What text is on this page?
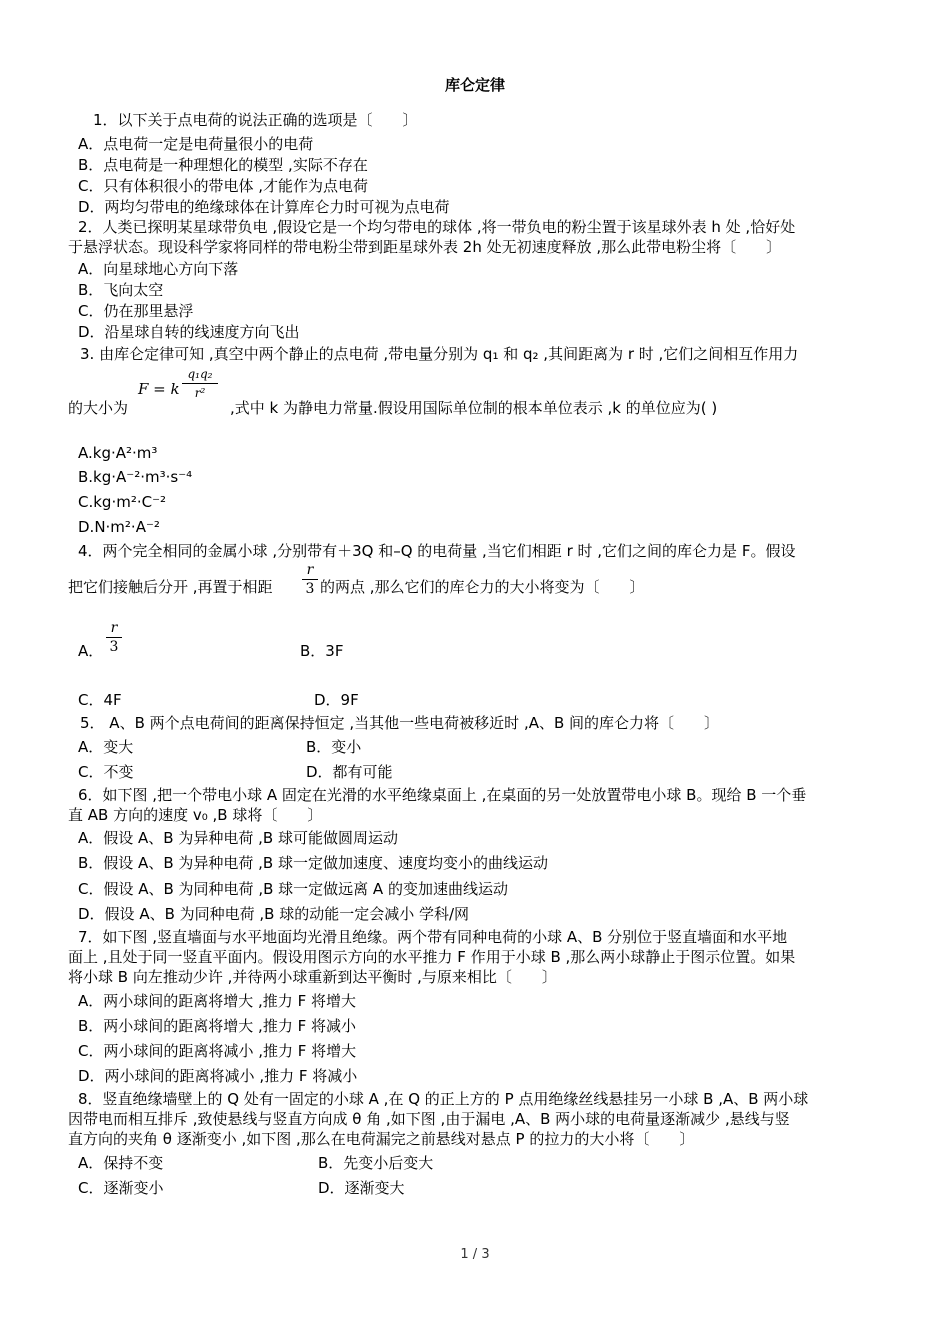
库仑定律
1．以下关于点电荷的说法正确的选项是〔　　〕
A．点电荷一定是电荷量很小的电荷
B．点电荷是一种理想化的模型 ,实际不存在
C．只有体积很小的带电体 ,才能作为点电荷
D．两均匀带电的绝缘球体在计算库仑力时可视为点电荷
2．人类已探明某星球带负电 ,假设它是一个均匀带电的球体 ,将一带负电的粉尘置于该星球外表 h 处 ,恰好处
于悬浮状态。现设科学家将同样的带电粉尘带到距星球外表 2h 处无初速度释放 ,那么此带电粉尘将〔　　〕
A．向星球地心方向下落
B．飞向太空
C．仍在那里悬浮
D．沿星球自转的线速度方向飞出
3. 由库仑定律可知 ,真空中两个静止的点电荷 ,带电量分别为 q₁ 和 q₂ ,其间距离为 r 时 ,它们之间相互作用力
的大小为
F = k
q₁q₂
r²
,式中 k 为静电力常量.假设用国际单位制的根本单位表示 ,k 的单位应为( )
A.kg·A²·m³
B.kg·A⁻²·m³·s⁻⁴
C.kg·m²·C⁻²
D.N·m²·A⁻²
4．两个完全相同的金属小球 ,分别带有＋3Q 和–Q 的电荷量 ,当它们相距 r 时 ,它们之间的库仑力是 F。假设
把它们接触后分开 ,再置于相距
r
3 的两点 ,那么它们的库仑力的大小将变为〔　　〕
A．
r
3	B．3F
C．4F	D．9F
5． A、B 两个点电荷间的距离保持恒定 ,当其他一些电荷被移近时 ,A、B 间的库仑力将〔　　〕
A．变大	B．变小
C．不变	D．都有可能
6．如下图 ,把一个带电小球 A 固定在光滑的水平绝缘桌面上 ,在桌面的另一处放置带电小球 B。现给 B 一个垂
直 AB 方向的速度 v₀ ,B 球将〔　　〕
A．假设 A、B 为异种电荷 ,B 球可能做圆周运动
B．假设 A、B 为异种电荷 ,B 球一定做加速度、速度均变小的曲线运动
C．假设 A、B 为同种电荷 ,B 球一定做远离 A 的变加速曲线运动
D．假设 A、B 为同种电荷 ,B 球的动能一定会减小 学科/网
7．如下图 ,竖直墙面与水平地面均光滑且绝缘。两个带有同种电荷的小球 A、B 分别位于竖直墙面和水平地
面上 ,且处于同一竖直平面内。假设用图示方向的水平推力 F 作用于小球 B ,那么两小球静止于图示位置。如果
将小球 B 向左推动少许 ,并待两小球重新到达平衡时 ,与原来相比〔　　〕
A．两小球间的距离将增大 ,推力 F 将增大
B．两小球间的距离将增大 ,推力 F 将减小
C．两小球间的距离将减小 ,推力 F 将增大
D．两小球间的距离将减小 ,推力 F 将减小
8．竖直绝缘墙壁上的 Q 处有一固定的小球 A ,在 Q 的正上方的 P 点用绝缘丝线悬挂另一小球 B ,A、B 两小球
因带电而相互排斥 ,致使悬线与竖直方向成 θ 角 ,如下图 ,由于漏电 ,A、B 两小球的电荷量逐渐减少 ,悬线与竖
直方向的夹角 θ 逐渐变小 ,如下图 ,那么在电荷漏完之前悬线对悬点 P 的拉力的大小将〔　　〕
A．保持不变	B．先变小后变大
C．逐渐变小	D．逐渐变大
1 / 3
